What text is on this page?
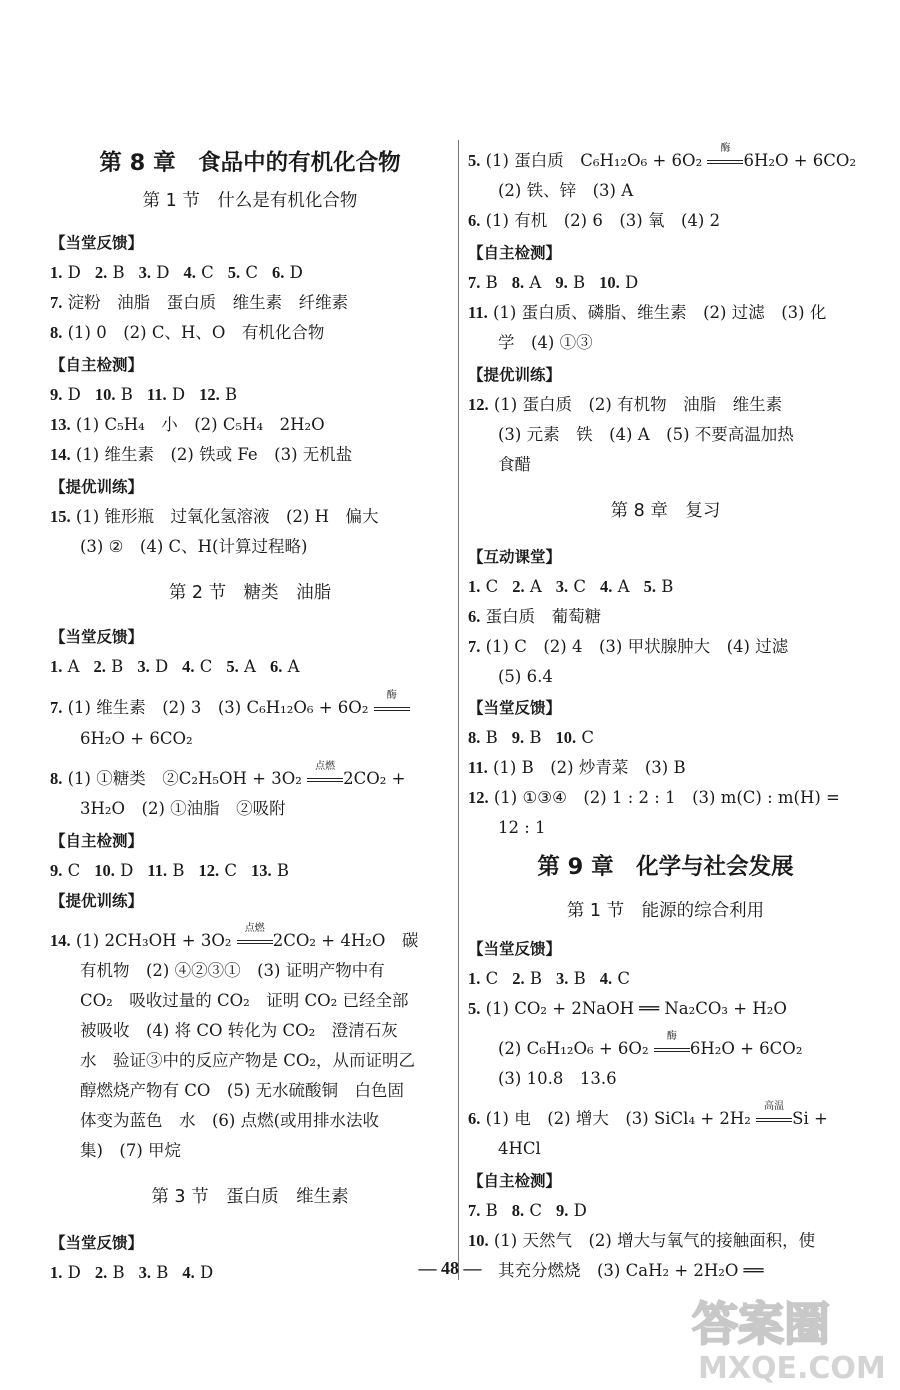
第 8 章　食品中的有机化合物
第 1 节　什么是有机化合物
【当堂反馈】
1. D 2. B 3. D 4. C 5. C 6. D
7. 淀粉　油脂　蛋白质　维生素　纤维素
8. (1) 0　(2) C、H、O　有机化合物
【自主检测】
9. D 10. B 11. D 12. B
13. (1) C₅H₄　小　(2) C₅H₄　2H₂O
14. (1) 维生素　(2) 铁或 Fe　(3) 无机盐
【提优训练】
15. (1) 锥形瓶　过氧化氢溶液　(2) H　偏大
(3) ②　(4) C、H(计算过程略)
第 2 节　糖类　油脂
【当堂反馈】
1. A 2. B 3. D 4. C 5. A 6. A
7. (1) 维生素　(2) 3　(3) C₆H₁₂O₆ + 6O₂
酶
6H₂O + 6CO₂
8. (1) ①糖类　②C₂H₅OH + 3O₂
点燃
2CO₂ +
3H₂O　(2) ①油脂　②吸附
【自主检测】
9. C 10. D 11. B 12. C 13. B
【提优训练】
14. (1) 2CH₃OH + 3O₂
点燃
2CO₂ + 4H₂O　碳
有机物　(2) ④②③①　(3) 证明产物中有
CO₂　吸收过量的 CO₂　证明 CO₂ 已经全部
被吸收　(4) 将 CO 转化为 CO₂　澄清石灰
水　验证③中的反应产物是 CO₂，从而证明乙
醇燃烧产物有 CO　(5) 无水硫酸铜　白色固
体变为蓝色　水　(6) 点燃(或用排水法收
集)　(7) 甲烷
第 3 节　蛋白质　维生素
【当堂反馈】
1. D 2. B 3. B 4. D
5. (1) 蛋白质　C₆H₁₂O₆ + 6O₂
酶
6H₂O + 6CO₂
(2) 铁、锌　(3) A
6. (1) 有机　(2) 6　(3) 氧　(4) 2
【自主检测】
7. B 8. A 9. B 10. D
11. (1) 蛋白质、磷脂、维生素　(2) 过滤　(3) 化
学　(4) ①③
【提优训练】
12. (1) 蛋白质　(2) 有机物　油脂　维生素
(3) 元素　铁　(4) A　(5) 不要高温加热
食醋
第 8 章　复习
【互动课堂】
1. C 2. A 3. C 4. A 5. B
6. 蛋白质　葡萄糖
7. (1) C　(2) 4　(3) 甲状腺肿大　(4) 过滤
(5) 6.4
【当堂反馈】
8. B 9. B 10. C
11. (1) B　(2) 炒青菜　(3) B
12. (1) ①③④　(2) 1 : 2 : 1　(3) m(C) : m(H) =
12 : 1
第 9 章　化学与社会发展
第 1 节　能源的综合利用
【当堂反馈】
1. C 2. B 3. B 4. C
5. (1) CO₂ + 2NaOH ══ Na₂CO₃ + H₂O
(2) C₆H₁₂O₆ + 6O₂
酶
6H₂O + 6CO₂
(3) 10.8　13.6
6. (1) 电　(2) 增大　(3) SiCl₄ + 2H₂
高温
Si +
4HCl
【自主检测】
7. B 8. C 9. D
10. (1) 天然气　(2) 增大与氧气的接触面积，使
其充分燃烧　(3) CaH₂ + 2H₂O ══
— 48 —
答案圈
MXQE.COM
